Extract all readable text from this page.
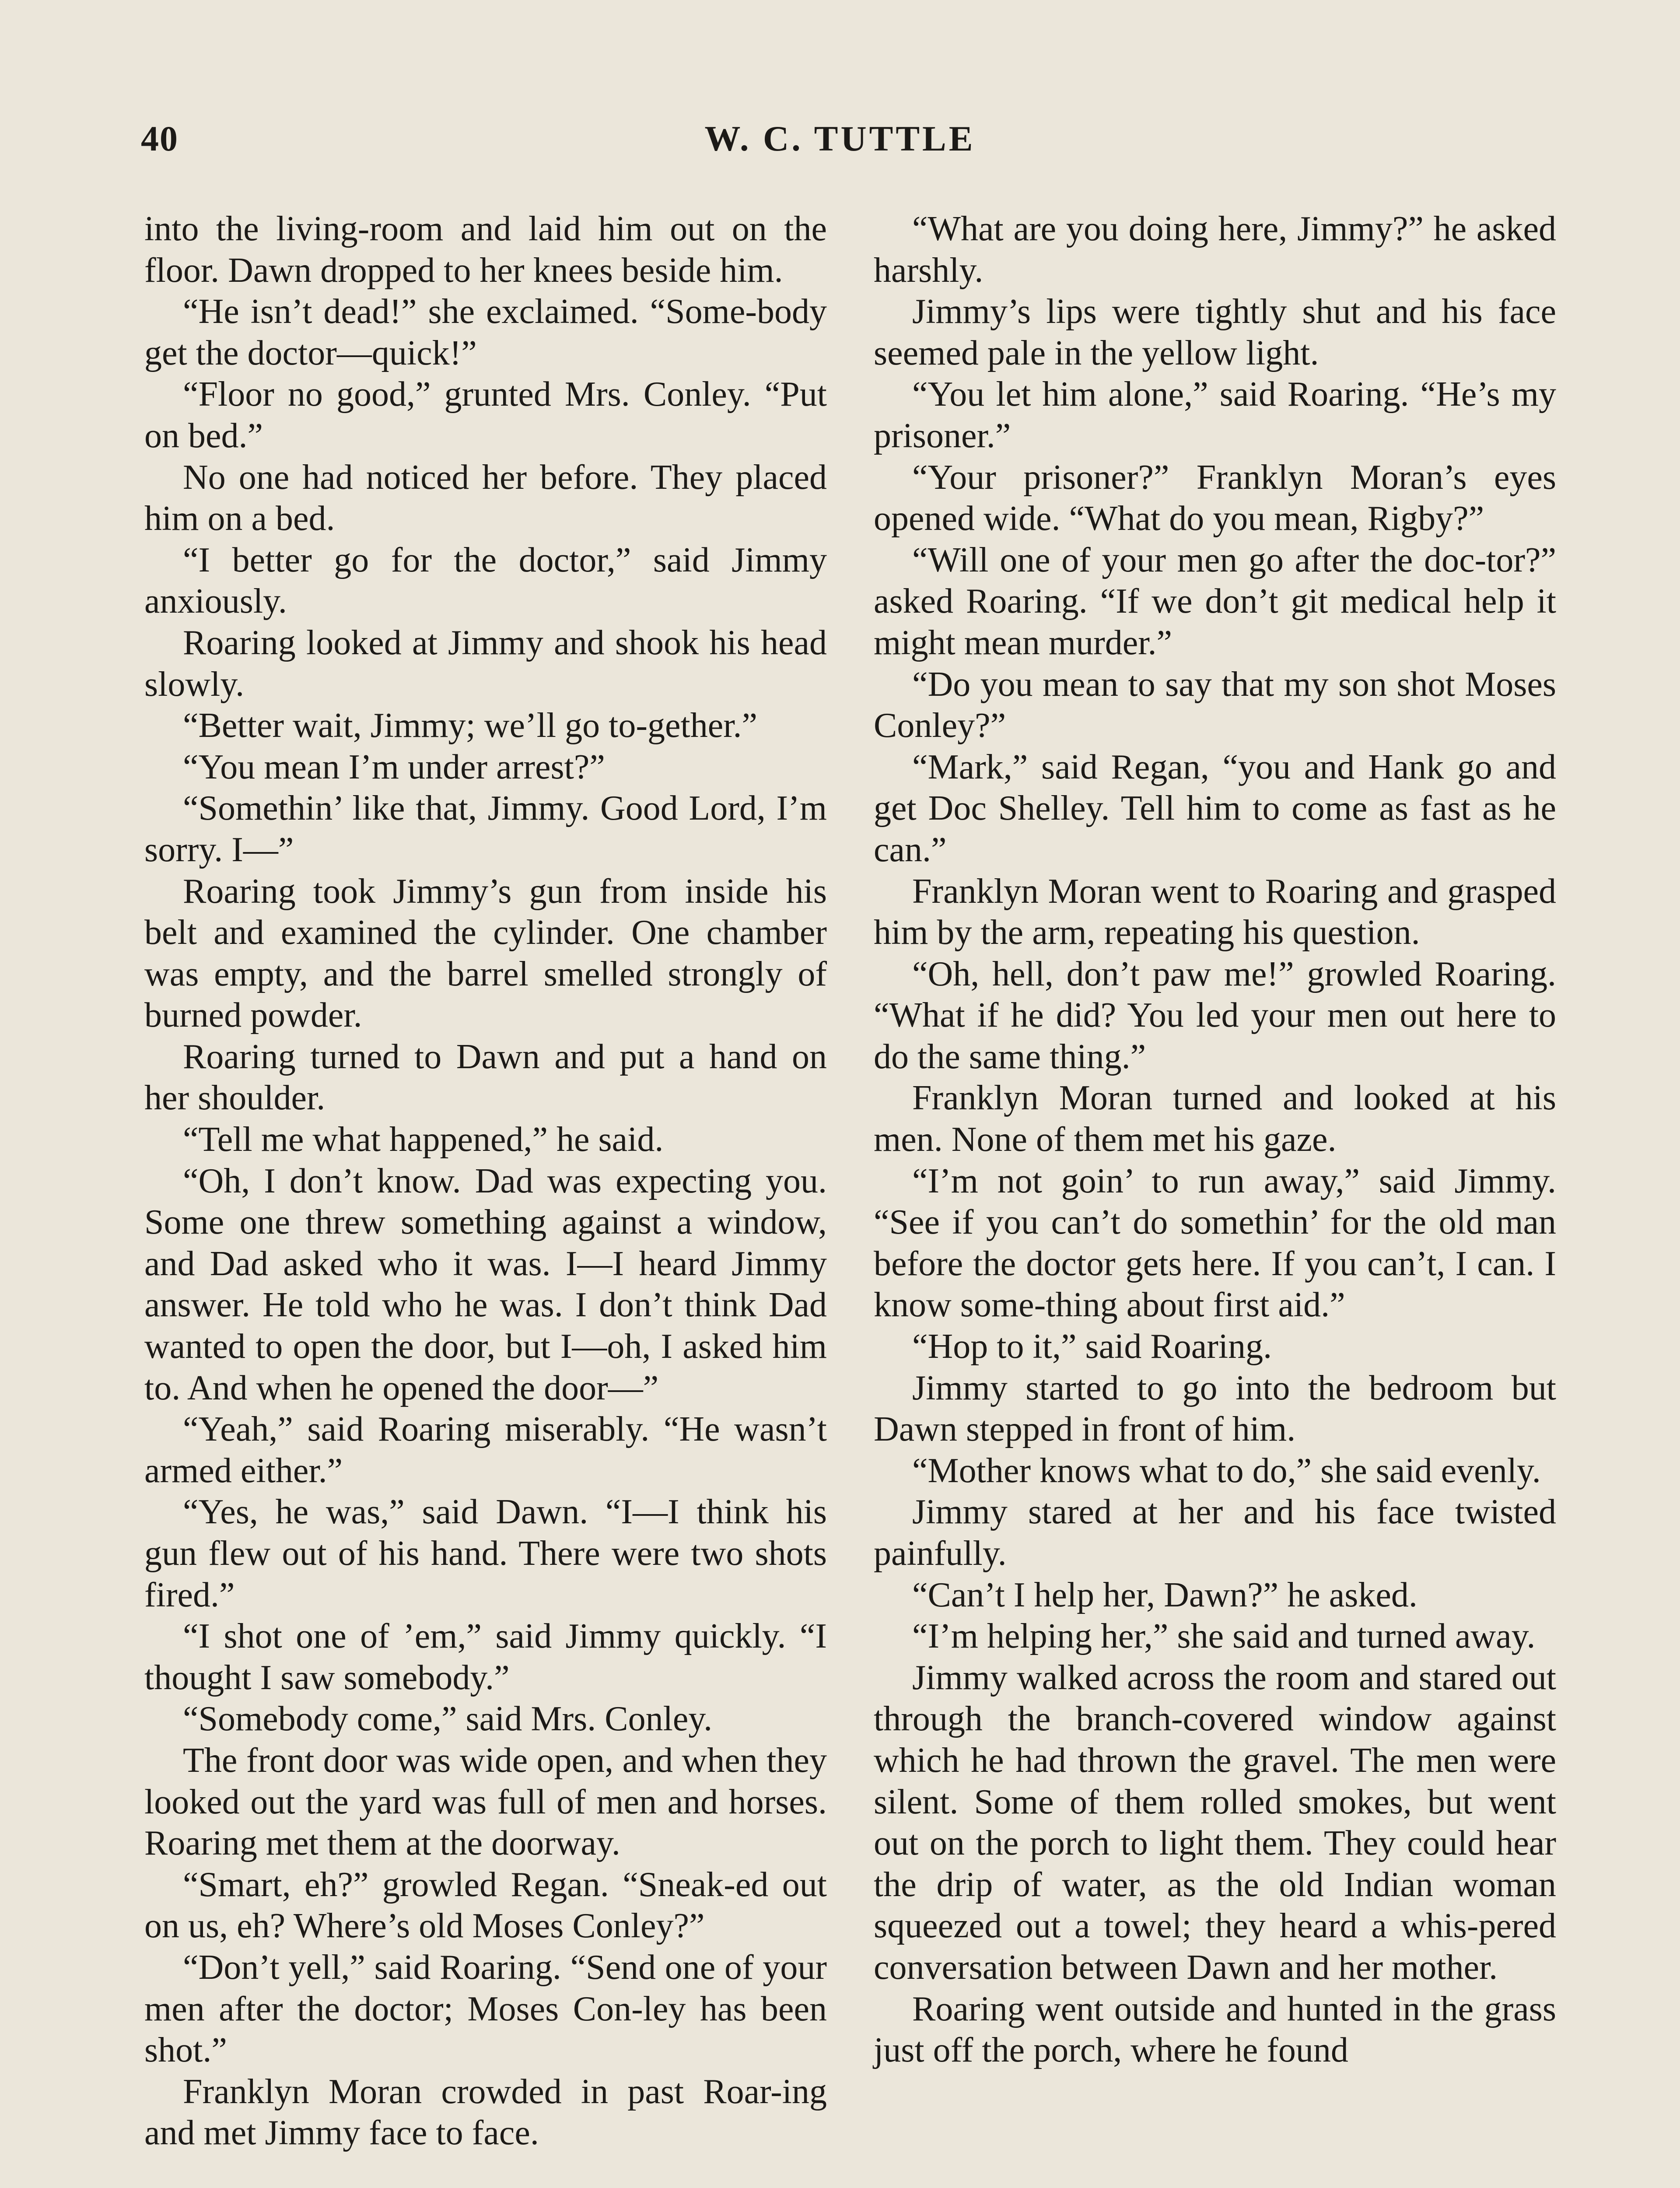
40	W. C. TUTTLE

into the living-room and laid him out on the floor. Dawn dropped to her knees beside him.

“He isn’t dead!” she exclaimed. “Some-body get the doctor—quick!”

“Floor no good,” grunted Mrs. Conley. “Put on bed.”

No one had noticed her before. They placed him on a bed.

“I better go for the doctor,” said Jimmy anxiously.

Roaring looked at Jimmy and shook his head slowly.

“Better wait, Jimmy; we’ll go to-gether.”

“You mean I’m under arrest?”

“Somethin’ like that, Jimmy. Good Lord, I’m sorry. I—”

Roaring took Jimmy’s gun from inside his belt and examined the cylinder. One chamber was empty, and the barrel smelled strongly of burned powder.

Roaring turned to Dawn and put a hand on her shoulder.

“Tell me what happened,” he said.

“Oh, I don’t know. Dad was expecting you. Some one threw something against a window, and Dad asked who it was. I—I heard Jimmy answer. He told who he was. I don’t think Dad wanted to open the door, but I—oh, I asked him to. And when he opened the door—”

“Yeah,” said Roaring miserably. “He wasn’t armed either.”

“Yes, he was,” said Dawn. “I—I think his gun flew out of his hand. There were two shots fired.”

“I shot one of ’em,” said Jimmy quickly. “I thought I saw somebody.”

“Somebody come,” said Mrs. Conley.

The front door was wide open, and when they looked out the yard was full of men and horses. Roaring met them at the doorway.

“Smart, eh?” growled Regan. “Sneak-ed out on us, eh? Where’s old Moses Conley?”

“Don’t yell,” said Roaring. “Send one of your men after the doctor; Moses Con-ley has been shot.”

Franklyn Moran crowded in past Roar-ing and met Jimmy face to face.

“What are you doing here, Jimmy?” he asked harshly.

Jimmy’s lips were tightly shut and his face seemed pale in the yellow light.

“You let him alone,” said Roaring. “He’s my prisoner.”

“Your prisoner?” Franklyn Moran’s eyes opened wide. “What do you mean, Rigby?”

“Will one of your men go after the doc-tor?” asked Roaring. “If we don’t git medical help it might mean murder.”

“Do you mean to say that my son shot Moses Conley?”

“Mark,” said Regan, “you and Hank go and get Doc Shelley. Tell him to come as fast as he can.”

Franklyn Moran went to Roaring and grasped him by the arm, repeating his question.

“Oh, hell, don’t paw me!” growled Roaring. “What if he did? You led your men out here to do the same thing.”

Franklyn Moran turned and looked at his men. None of them met his gaze.

“I’m not goin’ to run away,” said Jimmy. “See if you can’t do somethin’ for the old man before the doctor gets here. If you can’t, I can. I know some-thing about first aid.”

“Hop to it,” said Roaring.

Jimmy started to go into the bedroom but Dawn stepped in front of him.

“Mother knows what to do,” she said evenly.

Jimmy stared at her and his face twisted painfully.

“Can’t I help her, Dawn?” he asked.

“I’m helping her,” she said and turned away.

Jimmy walked across the room and stared out through the branch-covered window against which he had thrown the gravel. The men were silent. Some of them rolled smokes, but went out on the porch to light them. They could hear the drip of water, as the old Indian woman squeezed out a towel; they heard a whis-pered conversation between Dawn and her mother.

Roaring went outside and hunted in the grass just off the porch, where he found
